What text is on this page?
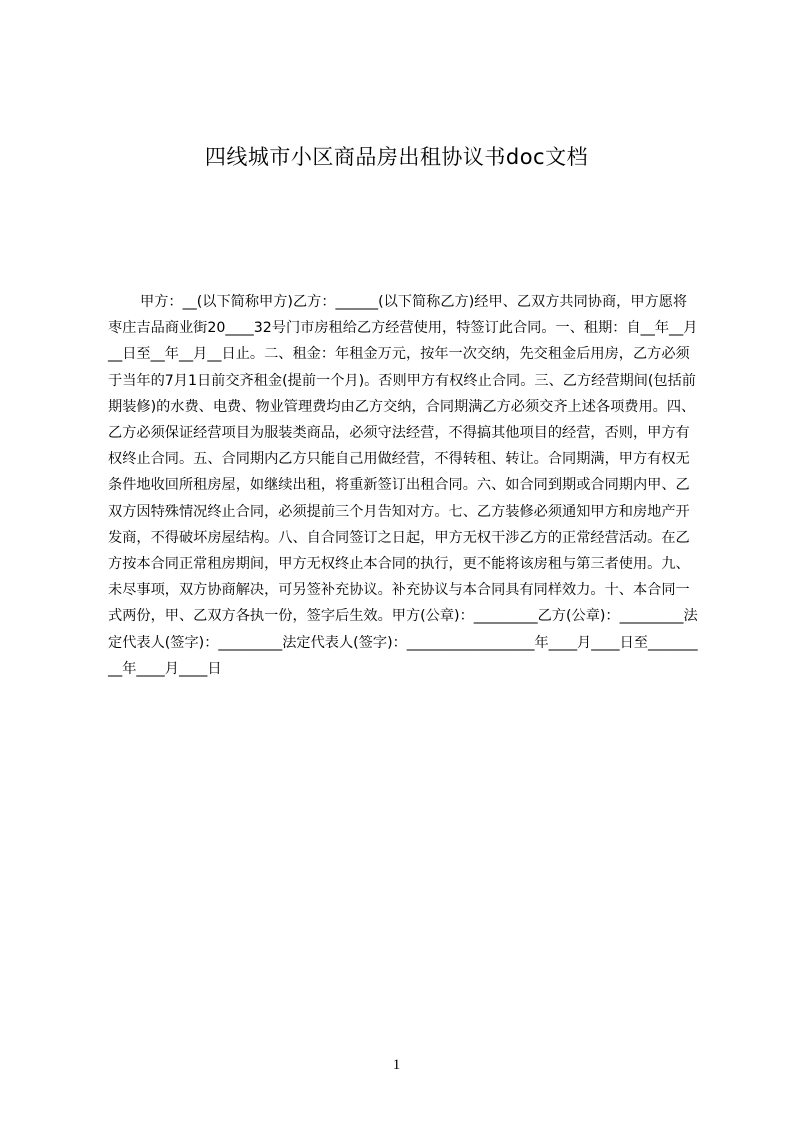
四线城市小区商品房出租协议书doc文档

甲方：__(以下简称甲方)乙方：______(以下简称乙方)经甲、乙双方共同协商，甲方愿将枣庄吉品商业街20____32号门市房租给乙方经营使用，特签订此合同。一、租期：自__年__月__日至__年__月__日止。二、租金：年租金万元，按年一次交纳，先交租金后用房，乙方必须于当年的7月1日前交齐租金(提前一个月)。否则甲方有权终止合同。三、乙方经营期间(包括前期装修)的水费、电费、物业管理费均由乙方交纳，合同期满乙方必须交齐上述各项费用。四、乙方必须保证经营项目为服装类商品，必须守法经营，不得搞其他项目的经营，否则，甲方有权终止合同。五、合同期内乙方只能自己用做经营，不得转租、转让。合同期满，甲方有权无条件地收回所租房屋，如继续出租，将重新签订出租合同。六、如合同到期或合同期内甲、乙双方因特殊情况终止合同，必须提前三个月告知对方。七、乙方装修必须通知甲方和房地产开发商，不得破坏房屋结构。八、自合同签订之日起，甲方无权干涉乙方的正常经营活动。在乙方按本合同正常租房期间，甲方无权终止本合同的执行，更不能将该房租与第三者使用。九、未尽事项，双方协商解决，可另签补充协议。补充协议与本合同具有同样效力。十、本合同一式两份，甲、乙双方各执一份，签字后生效。甲方(公章)：_________乙方(公章)：_________法定代表人(签字)：_________法定代表人(签字)：__________________年____月____日至_________年____月____日

1
